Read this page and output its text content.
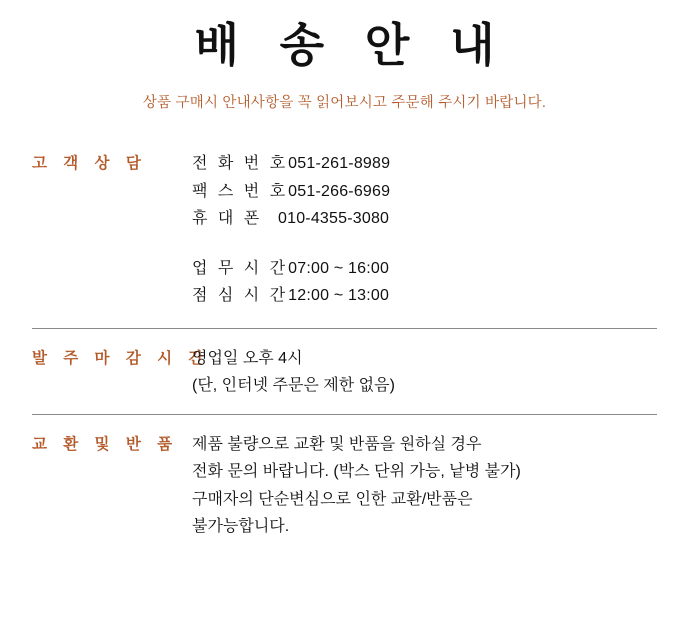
배 송 안 내
상품 구매시 안내사항을 꼭 읽어보시고 주문해 주시기 바랍니다.
고 객 상 담	전 화 번 호 051-261-8989
팩 스 번 호 051-266-6969
휴 대 폰 010-4355-3080
업 무 시 간 07:00 ~ 16:00
점 심 시 간 12:00 ~ 13:00
발 주 마 감 시 간
영업일 오후 4시
(단, 인터넷 주문은 제한 없음)
교 환 및 반 품 제품 불량으로 교환 및 반품을 원하실 경우
전화 문의 바랍니다. (박스 단위 가능, 낱병 불가)
구매자의 단순변심으로 인한 교환/반품은
불가능합니다.
